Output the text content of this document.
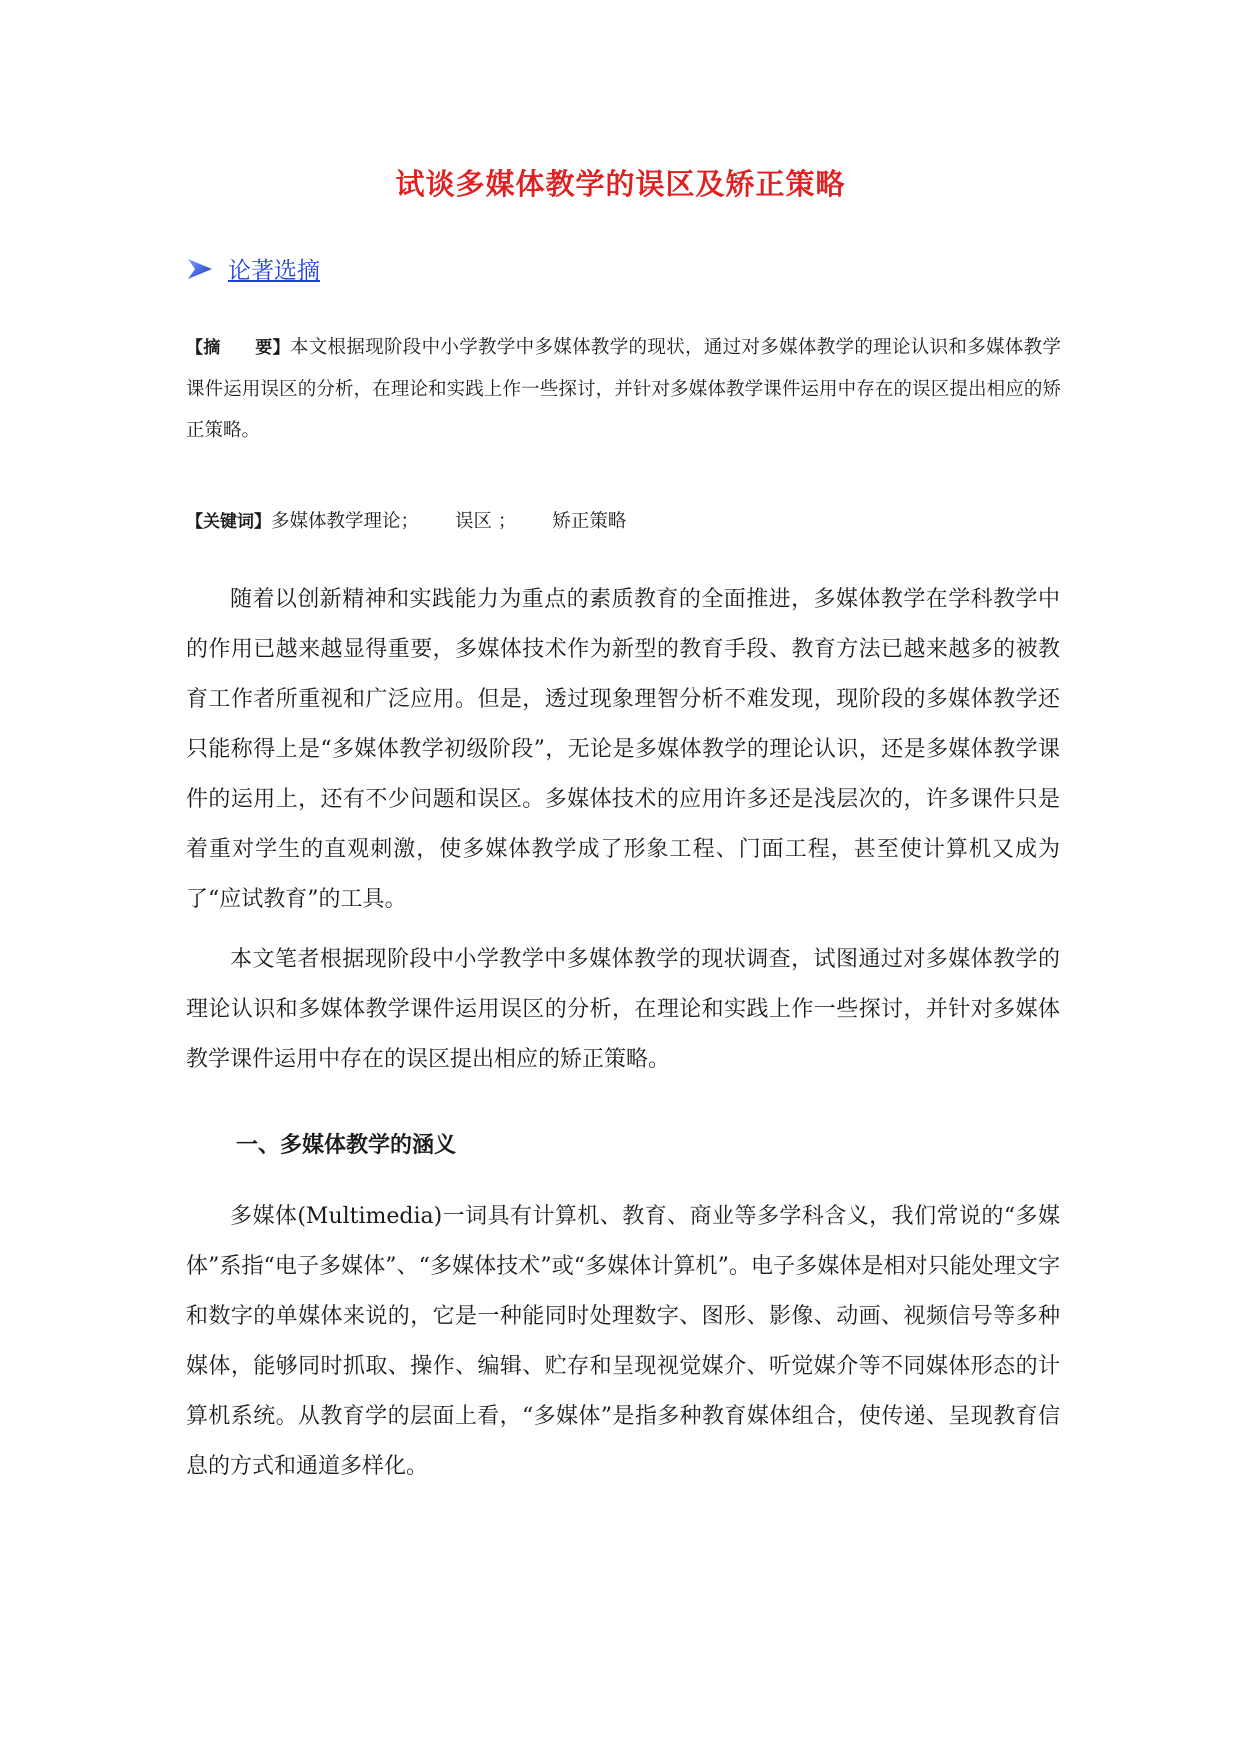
试谈多媒体教学的误区及矫正策略
论著选摘
【摘　　要】本文根据现阶段中小学教学中多媒体教学的现状，通过对多媒体教学的理论认识和多媒体教学课件运用误区的分析，在理论和实践上作一些探讨，并针对多媒体教学课件运用中存在的误区提出相应的矫正策略。
【关键词】多媒体教学理论； 误区 ； 矫正策略

随着以创新精神和实践能力为重点的素质教育的全面推进，多媒体教学在学科教学中的作用已越来越显得重要，多媒体技术作为新型的教育手段、教育方法已越来越多的被教育工作者所重视和广泛应用。但是，透过现象理智分析不难发现，现阶段的多媒体教学还只能称得上是“多媒体教学初级阶段”，无论是多媒体教学的理论认识，还是多媒体教学课件的运用上，还有不少问题和误区。多媒体技术的应用许多还是浅层次的，许多课件只是着重对学生的直观刺激，使多媒体教学成了形象工程、门面工程，甚至使计算机又成为了“应试教育”的工具。

本文笔者根据现阶段中小学教学中多媒体教学的现状调查，试图通过对多媒体教学的理论认识和多媒体教学课件运用误区的分析，在理论和实践上作一些探讨，并针对多媒体教学课件运用中存在的误区提出相应的矫正策略。

一、多媒体教学的涵义

多媒体(Multimedia)一词具有计算机、教育、商业等多学科含义，我们常说的“多媒体”系指“电子多媒体”、“多媒体技术”或“多媒体计算机”。电子多媒体是相对只能处理文字和数字的单媒体来说的，它是一种能同时处理数字、图形、影像、动画、视频信号等多种媒体，能够同时抓取、操作、编辑、贮存和呈现视觉媒介、听觉媒介等不同媒体形态的计算机系统。从教育学的层面上看，“多媒体”是指多种教育媒体组合，使传递、呈现教育信息的方式和通道多样化。
